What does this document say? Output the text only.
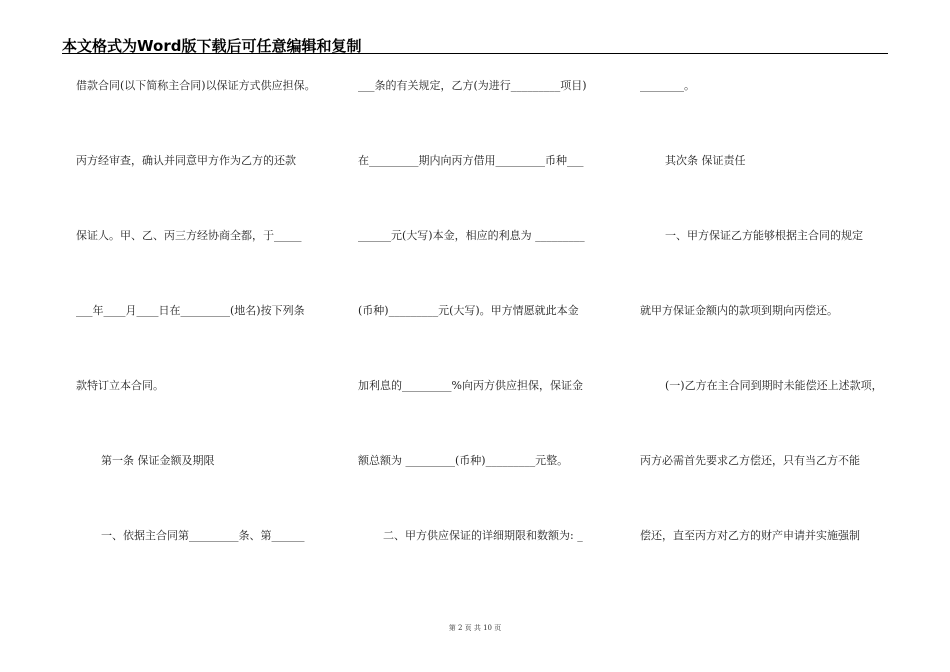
本文格式为Word版下载后可任意编辑和复制
借款合同(以下简称主合同)以保证方式供应担保。
丙方经审查，确认并同意甲方作为乙方的还款
保证人。甲、乙、丙三方经协商全都，于_____
___年____月____日在_________(地名)按下列条
款特订立本合同。
第一条 保证金额及期限
一、依据主合同第_________条、第______
___条的有关规定，乙方(为进行_________项目)
在_________期内向丙方借用_________币种___
______元(大写)本金，相应的利息为 _________
(币种)_________元(大写)。甲方情愿就此本金
加利息的_________%向丙方供应担保，保证金
额总额为 _________(币种)_________元整。
二、甲方供应保证的详细期限和数额为: _
________。
其次条 保证责任
一、甲方保证乙方能够根据主合同的规定
就甲方保证金额内的款项到期向丙偿还。
(一)乙方在主合同到期时未能偿还上述款项，
丙方必需首先要求乙方偿还，只有当乙方不能
偿还，直至丙方对乙方的财产申请并实施强制
第 2 页 共 10 页
